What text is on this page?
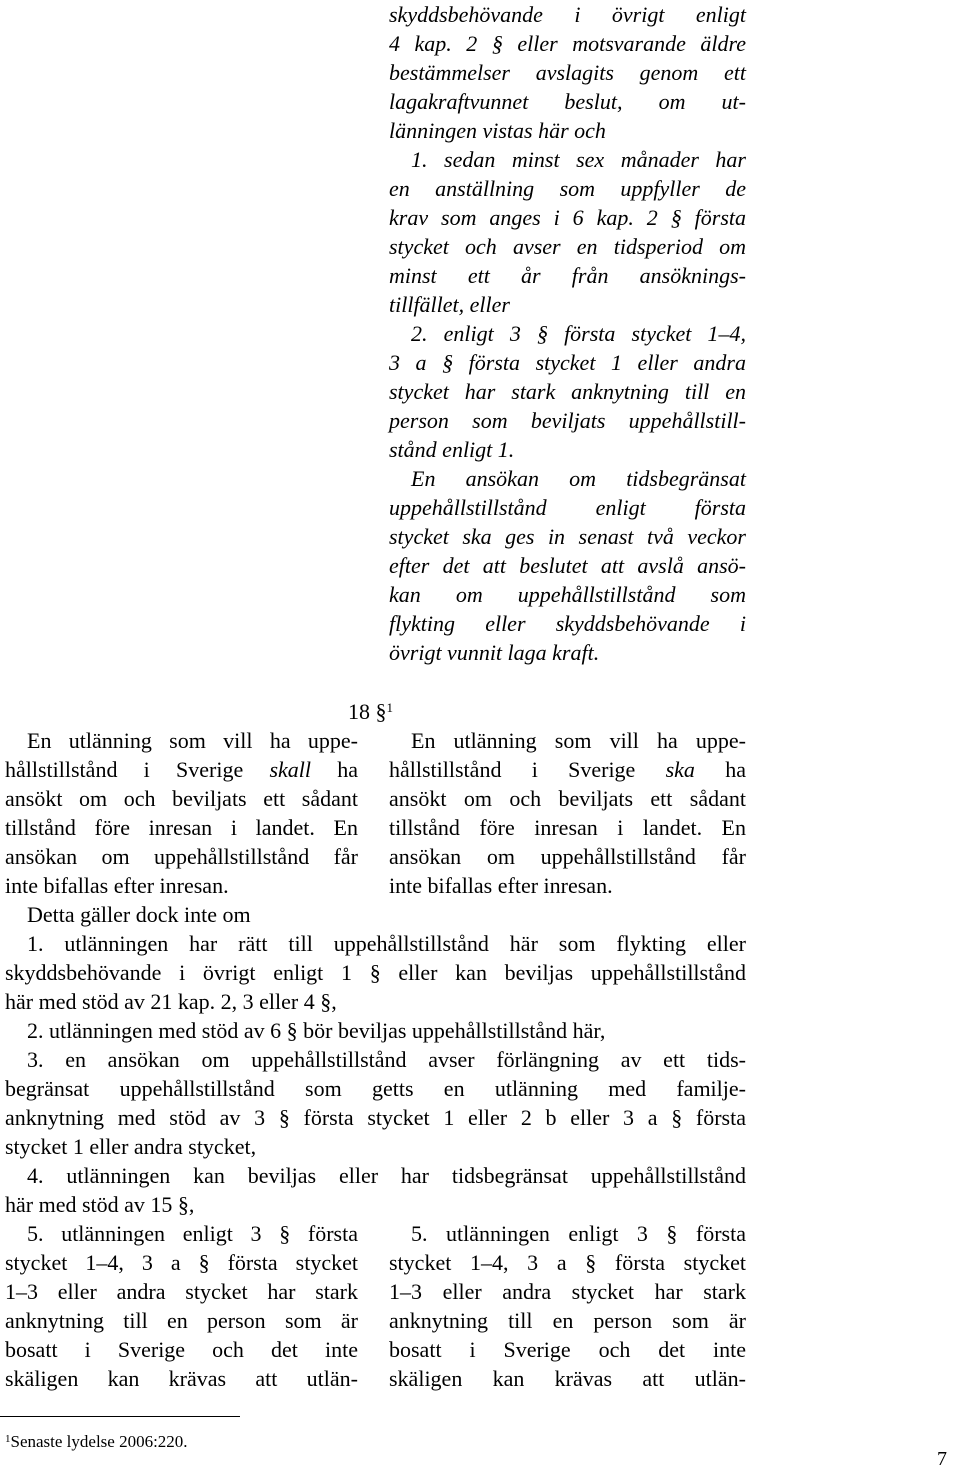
skyddsbehövande i övrigt enligt
4 kap. 2 § eller motsvarande äldre
bestämmelser avslagits genom ett
lagakraftvunnet beslut, om ut-
länningen vistas här och
1. sedan minst sex månader har
en anställning som uppfyller de
krav som anges i 6 kap. 2 § första
stycket och avser en tidsperiod om
minst ett år från ansöknings-
tillfället, eller
2. enligt 3 § första stycket 1–4,
3 a § första stycket 1 eller andra
stycket har stark anknytning till en
person som beviljats uppehållstill-
stånd enligt 1.
En ansökan om tidsbegränsat
uppehållstillstånd enligt första
stycket ska ges in senast två veckor
efter det att beslutet att avslå ansö-
kan om uppehållstillstånd som
flykting eller skyddsbehövande i
övrigt vunnit laga kraft.
18 §$^1$
En utlänning som vill ha uppe-
hållstillstånd i Sverige skall ha
ansökt om och beviljats ett sådant
tillstånd före inresan i landet. En
ansökan om uppehållstillstånd får
inte bifallas efter inresan.
En utlänning som vill ha uppe-
hållstillstånd i Sverige ska ha
ansökt om och beviljats ett sådant
tillstånd före inresan i landet. En
ansökan om uppehållstillstånd får
inte bifallas efter inresan.
Detta gäller dock inte om
1. utlänningen har rätt till uppehållstillstånd här som flykting eller
skyddsbehövande i övrigt enligt 1 § eller kan beviljas uppehållstillstånd
här med stöd av 21 kap. 2, 3 eller 4 §,
2. utlänningen med stöd av 6 § bör beviljas uppehållstillstånd här,
3. en ansökan om uppehållstillstånd avser förlängning av ett tids-
begränsat uppehållstillstånd som getts en utlänning med familje-
anknytning med stöd av 3 § första stycket 1 eller 2 b eller 3 a § första
stycket 1 eller andra stycket,
4. utlänningen kan beviljas eller har tidsbegränsat uppehållstillstånd
här med stöd av 15 §,
5. utlänningen enligt 3 § första
stycket 1–4, 3 a § första stycket
1–3 eller andra stycket har stark
anknytning till en person som är
bosatt i Sverige och det inte
skäligen kan krävas att utlän-
5. utlänningen enligt 3 § första
stycket 1–4, 3 a § första stycket
1–3 eller andra stycket har stark
anknytning till en person som är
bosatt i Sverige och det inte
skäligen kan krävas att utlän-
$^1$Senaste lydelse 2006:220.
7
